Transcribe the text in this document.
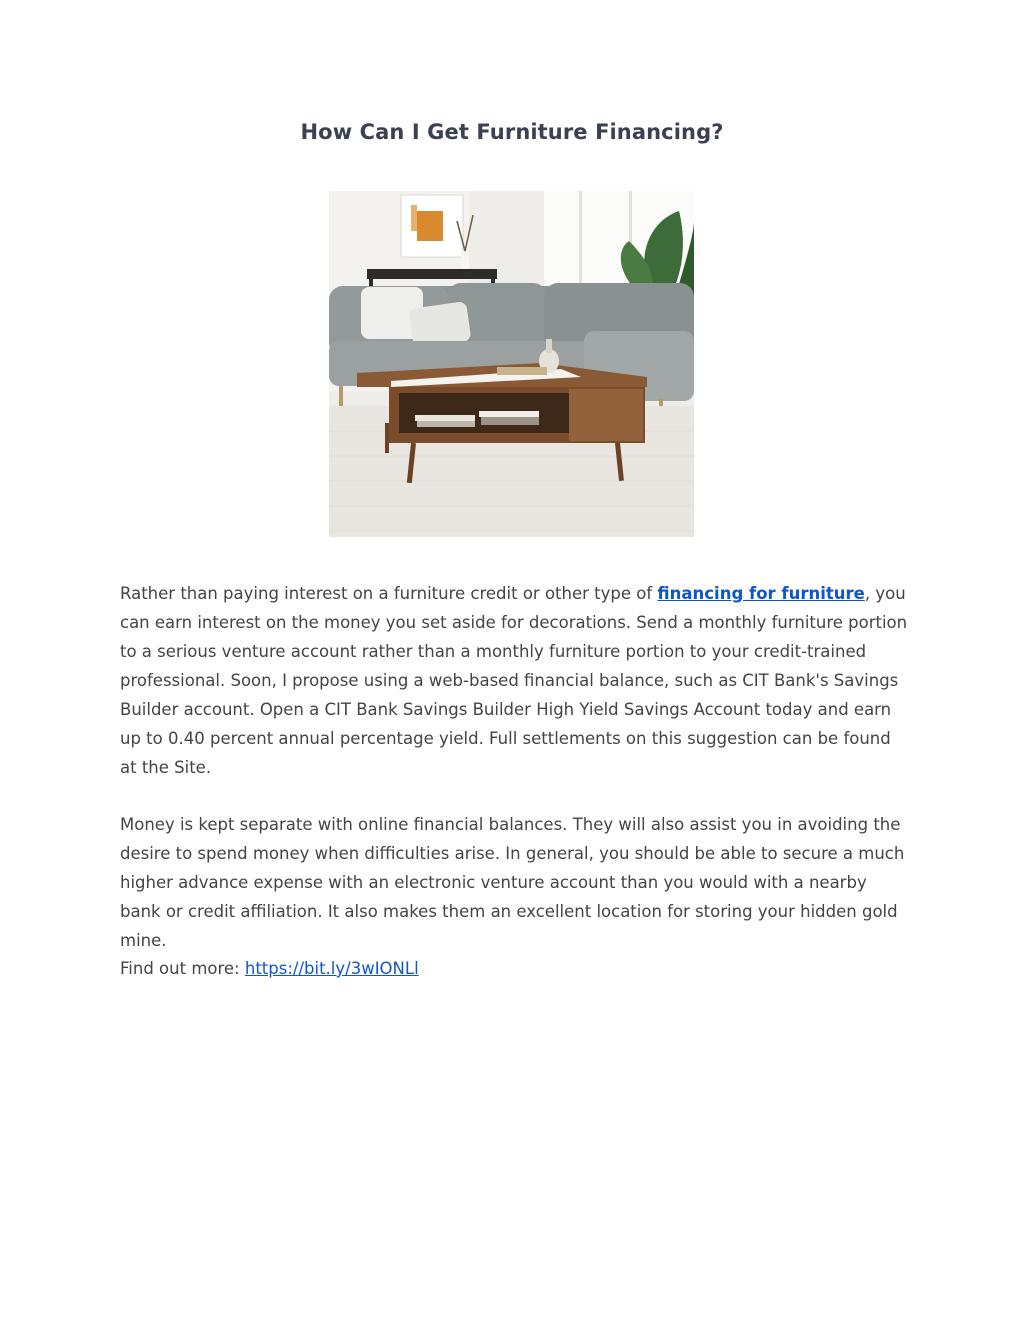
How Can I Get Furniture Financing?

Rather than paying interest on a furniture credit or other type of financing for furniture, you can earn interest on the money you set aside for decorations. Send a monthly furniture portion to a serious venture account rather than a monthly furniture portion to your credit-trained professional. Soon, I propose using a web-based financial balance, such as CIT Bank's Savings Builder account. Open a CIT Bank Savings Builder High Yield Savings Account today and earn up to 0.40 percent annual percentage yield. Full settlements on this suggestion can be found at the Site.

Money is kept separate with online financial balances. They will also assist you in avoiding the desire to spend money when difficulties arise. In general, you should be able to secure a much higher advance expense with an electronic venture account than you would with a nearby bank or credit affiliation. It also makes them an excellent location for storing your hidden gold mine.

Find out more: https://bit.ly/3wIONLl
